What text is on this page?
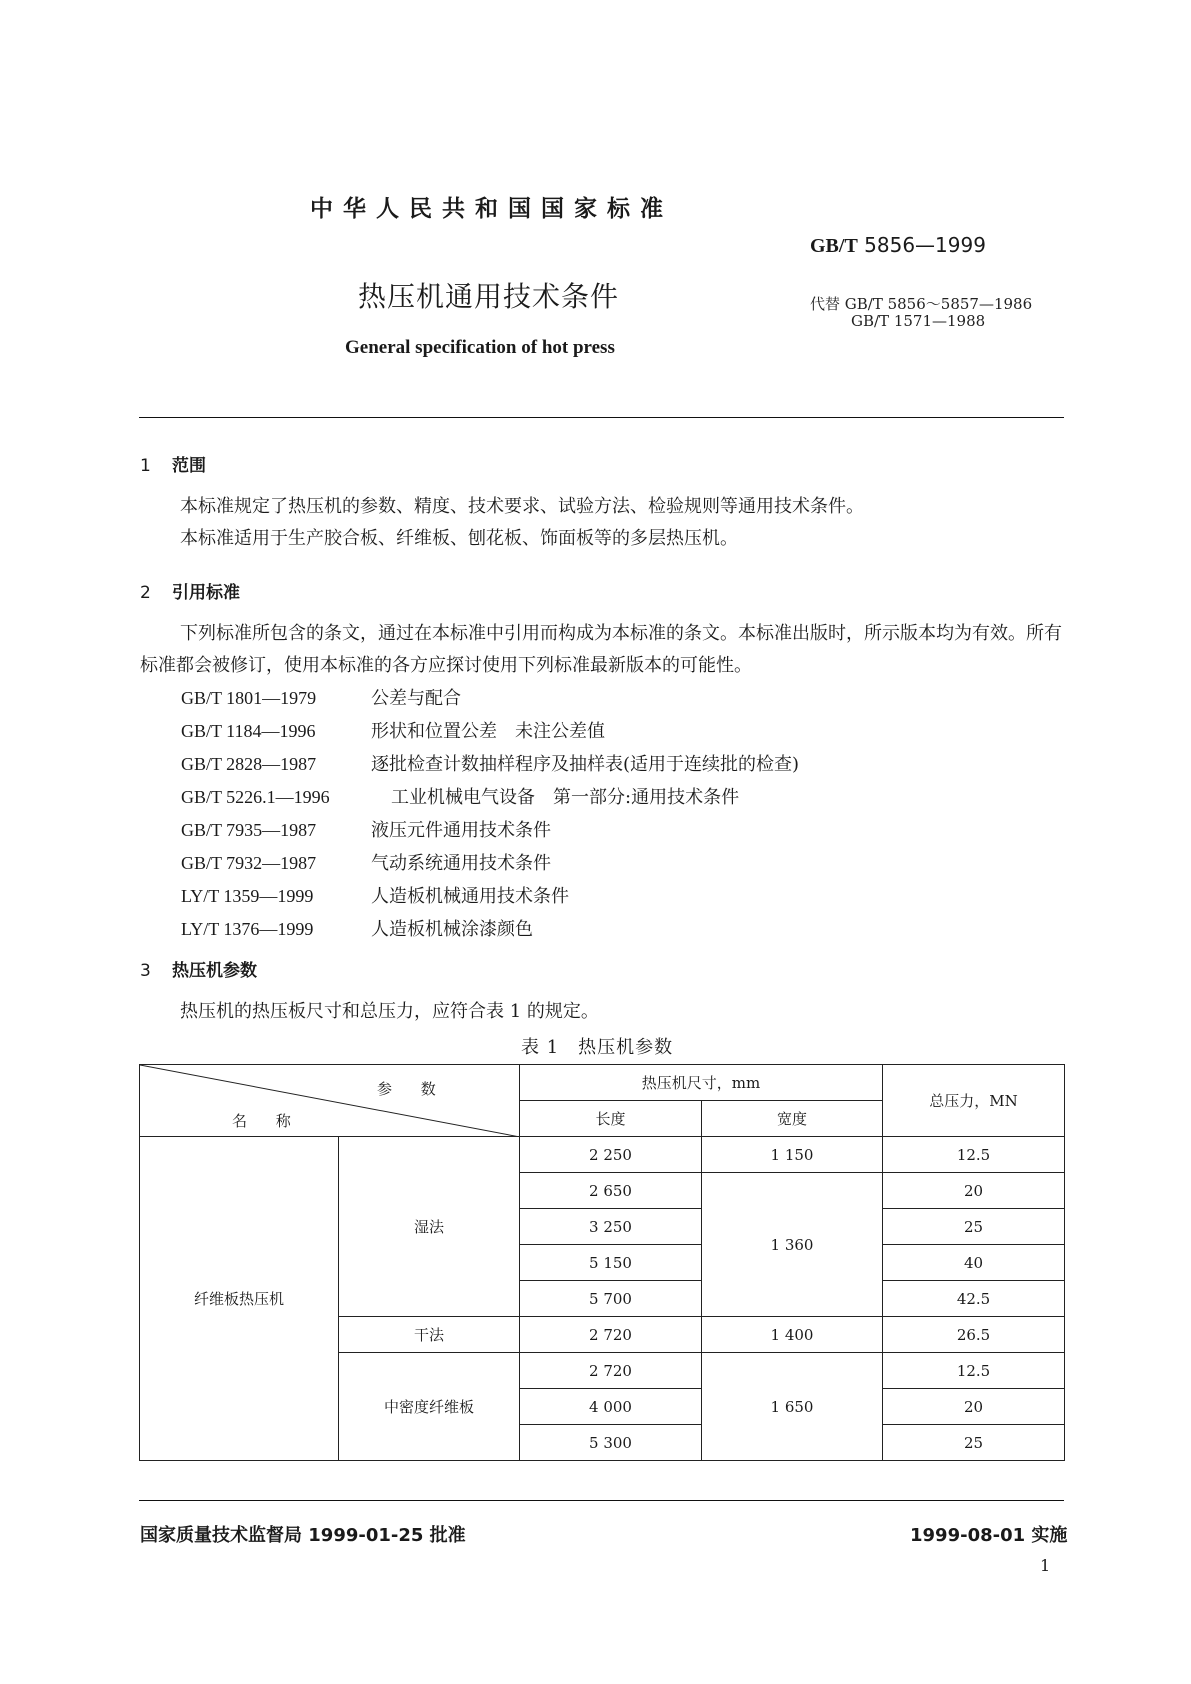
中华人民共和国国家标准
GB/T 5856—1999
热压机通用技术条件	代替 GB/T 5856～5857—1986
GB/T 1571—1988
General specification of hot press
1 范围
本标准规定了热压机的参数、精度、技术要求、试验方法、检验规则等通用技术条件。
本标准适用于生产胶合板、纤维板、刨花板、饰面板等的多层热压机。
2 引用标准
下列标准所包含的条文，通过在本标准中引用而构成为本标准的条文。本标准出版时，所示版本均为有效。所有标准都会被修订，使用本标准的各方应探讨使用下列标准最新版本的可能性。
GB/T 1801—1979	公差与配合
GB/T 1184—1996	形状和位置公差　未注公差值
GB/T 2828—1987	逐批检查计数抽样程序及抽样表(适用于连续批的检查)
GB/T 5226.1—1996	工业机械电气设备　第一部分:通用技术条件
GB/T 7935—1987	液压元件通用技术条件
GB/T 7932—1987	气动系统通用技术条件
LY/T 1359—1999	人造板机械通用技术条件
LY/T 1376—1999	人造板机械涂漆颜色
3 热压机参数
热压机的热压板尺寸和总压力，应符合表 1 的规定。
表 1　热压机参数
参 数
名 称		热压机尺寸，mm		总压力，MN
		长度	宽度	
纤维板热压机	湿法	2 250	1 150	12.5
		2 650	1 360	20
		3 250		25
		5 150		40
		5 700		42.5
	干法	2 720	1 400	26.5
	中密度纤维板	2 720	1 650	12.5
		4 000		20
		5 300		25
国家质量技术监督局 1999-01-25 批准	1999-08-01 实施
1
